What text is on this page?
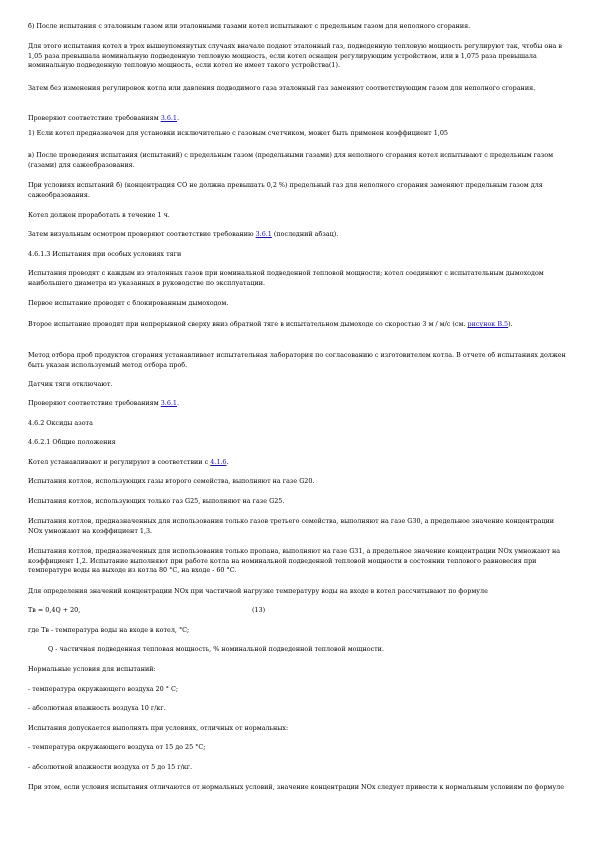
б) После испытания с эталонным газом или эталонными газами котел испытывают с предельным газом для неполного сгорания.

Для этого испытания котел в трех вышеупомянутых случаях вначале подают эталонный газ, подведенную тепловую мощность регулируют так, чтобы она в 1,05 раза превышала номинальную подведенную тепловую мощность, если котел оснащен регулирующим устройством, или в 1,075 раза превышала номинальную подведенную тепловую мощность, если котел не имеет такого устройства(1).

Затем без изменения регулировок котла или давления подводимого газа эталонный газ заменяют соответствующим газом для неполного сгорания.

Проверяют соответствие требованиям 3.6.1.

1) Если котел предназначен для установки исключительно с газовым счетчиком, может быть применен коэффициент 1,05

в) После проведения испытания (испытаний) с предельным газом (предельными газами) для неполного сгорания котел испытывают с предельным газом (газами) для сажеобразования.

При условиях испытаний б) (концентрация СО не должна превышать 0,2 %) предельный газ для неполного сгорания заменяют предельным газом для сажеобразования.

Котел должен проработать в течение 1 ч.

Затем визуальным осмотром проверяют соответствие требованию 3.6.1 (последний абзац).

4.6.1.3 Испытания при особых условиях тяги

Испытания проводят с каждым из эталонных газов при номинальной подведенной тепловой мощности; котел соединяют с испытательным дымоходом наибольшего диаметра из указанных в руководстве по эксплуатации.

Первое испытание проводят с блокированным дымоходом.

Второе испытание проводят при непрерывной сверху вниз обратной тяге в испытательном дымоходе со скоростью 3 м / м/с (см. рисунок В.5).

Метод отбора проб продуктов сгорания устанавливает испытательная лаборатория по согласованию с изготовителем котла. В отчете об испытаниях должен быть указан используемый метод отбора проб.

Датчик тяги отключают.

Проверяют соответствие требованиям 3.6.1.

4.6.2 Оксиды азота

4.6.2.1 Общие положения

Котел устанавливают и регулируют в соответствии с 4.1.6.

Испытания котлов, использующих газы второго семейства, выполняют на газе G20.

Испытания котлов, использующих только газ G25, выполняют на газе G25.

Испытания котлов, предназначенных для использования только газов третьего семейства, выполняют на газе G30, а предельное значение концентрации NOx умножают на коэффициент 1,3.

Испытания котлов, предназначенных для использования только пропана, выполняют на газе G31, а предельное значение концентрации NOx умножают на коэффициент 1,2. Испытание выполняют при работе котла на номинальной подведенной тепловой мощности в состоянии теплового равновесия при температуре воды на выходе из котла 80 °С, на входе - 60 °С.

Для определения значений концентрации NOx при частичной нагрузке температуру воды на входе в котел рассчитывают по формуле

Тв = 0,4Q + 20,	(13)

где Тв - температура воды на входе в котел, °С;

Q - частичная подведенная тепловая мощность, % номинальной подведенной тепловой мощности.

Нормальные условия для испытаний:

- температура окружающего воздуха 20 ° С;

- абсолютная влажность воздуха 10 г/кг.

Испытания допускается выполнять при условиях, отличных от нормальных:

- температура окружающего воздуха от 15 до 25 °С;

- абсолютной влажности воздуха от 5 до 15 г/кг.

При этом, если условия испытания отличаются от нормальных условий, значение концентрации NOx следует привести к нормальным условиям по формуле
